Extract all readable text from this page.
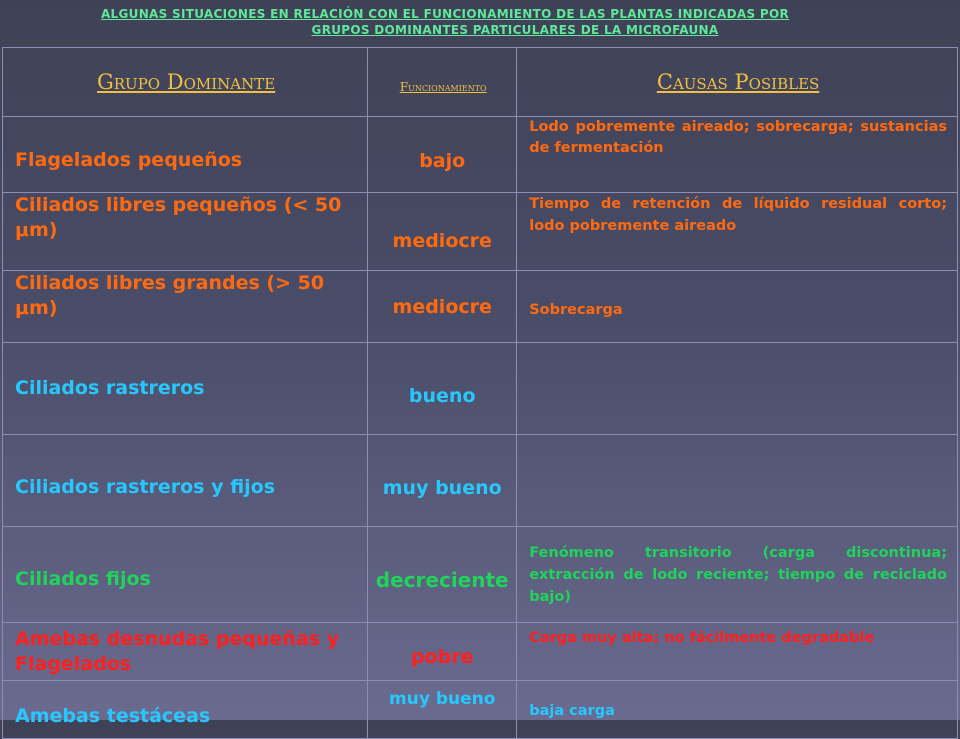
ALGUNAS SITUACIONES EN RELACIÓN CON EL FUNCIONAMIENTO DE LAS PLANTAS INDICADAS POR
GRUPOS DOMINANTES PARTICULARES DE LA MICROFAUNA
Grupo Dominante	Funcionamiento	Causas Posibles
Flagelados pequeños	bajo	Lodo pobremente aireado; sobrecarga; sustancias de fermentación
Ciliados libres pequeños (< 50 μm)	mediocre	Tiempo de retención de líquido residual corto; lodo pobremente aireado
Ciliados libres grandes (> 50 μm)	mediocre	Sobrecarga
Ciliados rastreros	bueno	
Ciliados rastreros y fijos	muy bueno	
Ciliados fijos	decreciente	Fenómeno transitorio (carga discontinua; extracción de lodo reciente; tiempo de reciclado bajo)
Amebas desnudas pequeñas y Flagelados	pobre	Carga muy alta; no fácilmente degradable
Amebas testáceas	muy bueno	baja carga
